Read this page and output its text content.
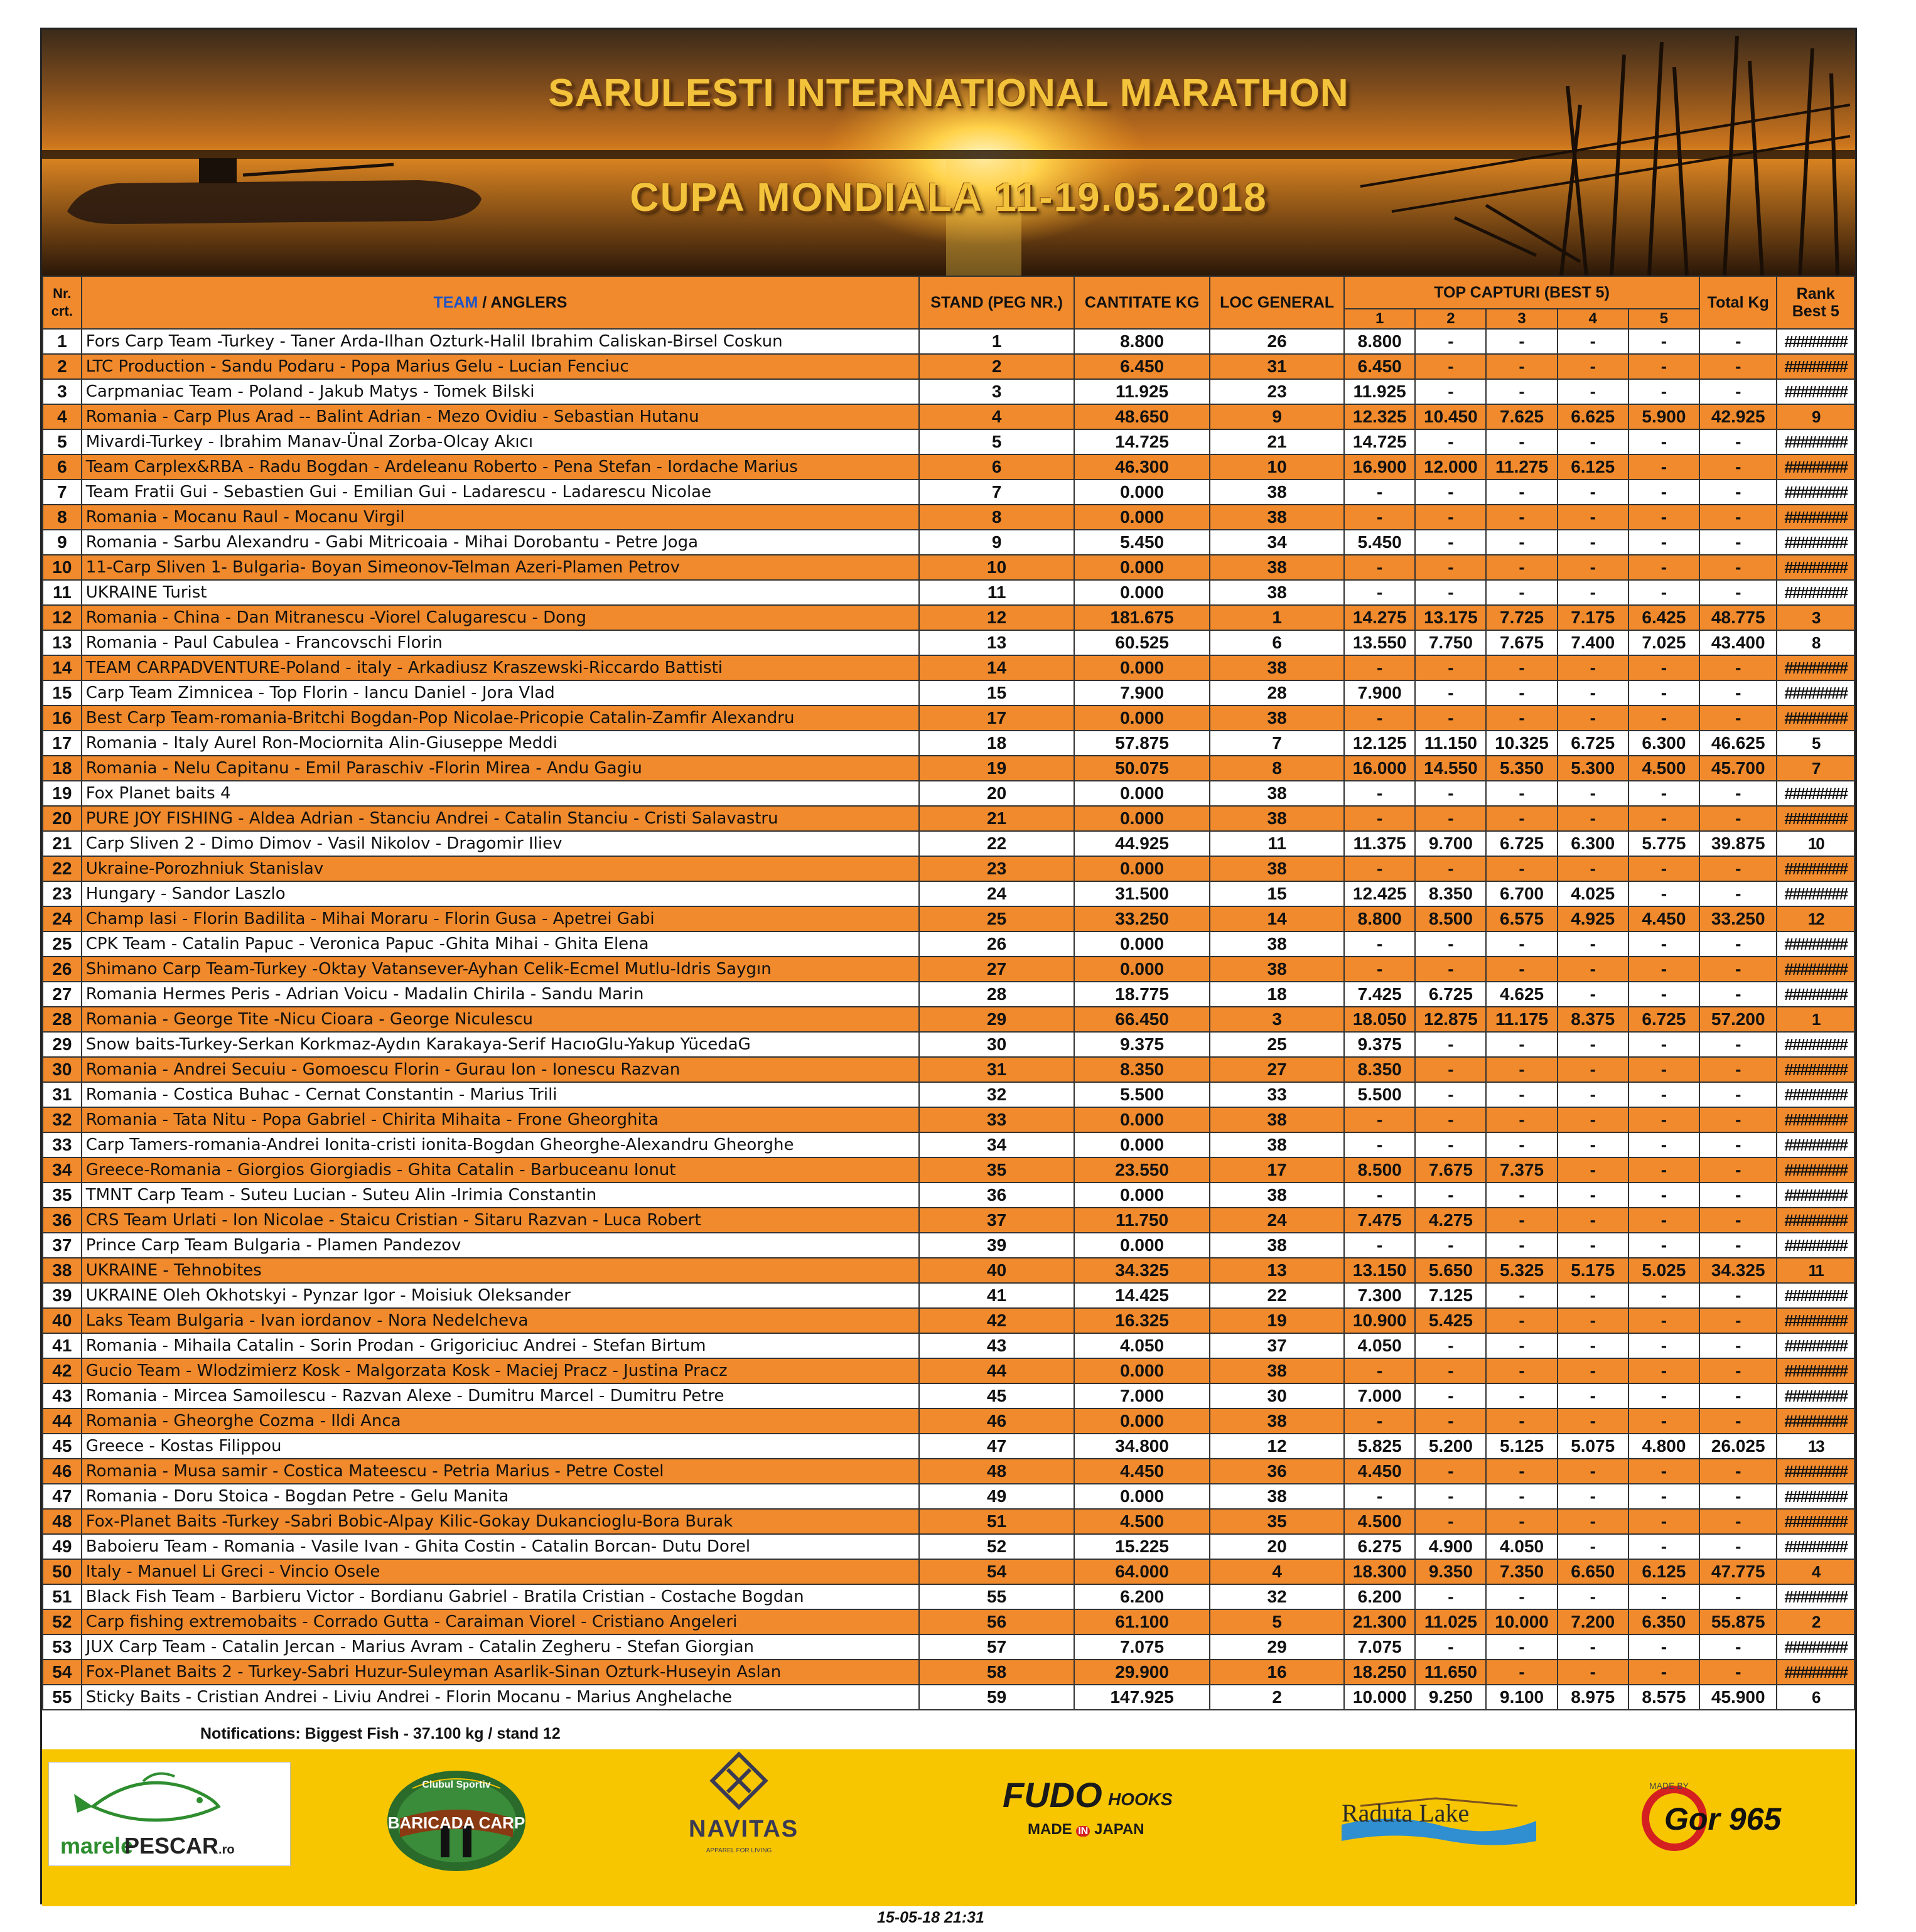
SARULESTI INTERNATIONAL MARATHON
CUPA MONDIALA 11-19.05.2018
Nr. crt.	TEAM / ANGLERS	STAND (PEG NR.)	CANTITATE KG	LOC GENERAL	TOP CAPTURI (BEST 5)					Total Kg	Rank Best 5
					1	2	3	4	5		
1	Fors Carp Team -Turkey - Taner Arda-Ilhan Ozturk-Halil Ibrahim Caliskan-Birsel Coskun	1	8.800	26	8.800	-	-	-	-	-	########
2	LTC Production - Sandu Podaru - Popa Marius Gelu - Lucian Fenciuc	2	6.450	31	6.450	-	-	-	-	-	########
3	Carpmaniac Team - Poland - Jakub Matys - Tomek Bilski	3	11.925	23	11.925	-	-	-	-	-	########
4	Romania - Carp Plus Arad -- Balint Adrian - Mezo Ovidiu - Sebastian Hutanu	4	48.650	9	12.325	10.450	7.625	6.625	5.900	42.925	9
5	Mivardi-Turkey - Ibrahim Manav-Ünal Zorba-Olcay Akıcı	5	14.725	21	14.725	-	-	-	-	-	########
6	Team Carplex&RBA - Radu Bogdan - Ardeleanu Roberto - Pena Stefan - Iordache Marius	6	46.300	10	16.900	12.000	11.275	6.125	-	-	########
7	Team Fratii Gui - Sebastien Gui - Emilian Gui - Ladarescu - Ladarescu Nicolae	7	0.000	38	-	-	-	-	-	-	########
8	Romania - Mocanu Raul - Mocanu Virgil	8	0.000	38	-	-	-	-	-	-	########
9	Romania - Sarbu Alexandru - Gabi Mitricoaia - Mihai Dorobantu - Petre Joga	9	5.450	34	5.450	-	-	-	-	-	########
10	11-Carp Sliven 1- Bulgaria- Boyan Simeonov-Telman Azeri-Plamen Petrov	10	0.000	38	-	-	-	-	-	-	########
11	UKRAINE Turist	11	0.000	38	-	-	-	-	-	-	########
12	Romania - China - Dan Mitranescu -Viorel Calugarescu - Dong	12	181.675	1	14.275	13.175	7.725	7.175	6.425	48.775	3
13	Romania - Paul Cabulea - Francovschi Florin	13	60.525	6	13.550	7.750	7.675	7.400	7.025	43.400	8
14	TEAM CARPADVENTURE-Poland - italy - Arkadiusz Kraszewski-Riccardo Battisti	14	0.000	38	-	-	-	-	-	-	########
15	Carp Team Zimnicea - Top Florin - Iancu Daniel - Jora Vlad	15	7.900	28	7.900	-	-	-	-	-	########
16	Best Carp Team-romania-Britchi Bogdan-Pop Nicolae-Pricopie Catalin-Zamfir Alexandru	17	0.000	38	-	-	-	-	-	-	########
17	Romania - Italy Aurel Ron-Mociornita Alin-Giuseppe Meddi	18	57.875	7	12.125	11.150	10.325	6.725	6.300	46.625	5
18	Romania - Nelu Capitanu - Emil Paraschiv -Florin Mirea - Andu Gagiu	19	50.075	8	16.000	14.550	5.350	5.300	4.500	45.700	7
19	Fox Planet baits 4	20	0.000	38	-	-	-	-	-	-	########
20	PURE JOY FISHING - Aldea Adrian - Stanciu Andrei - Catalin Stanciu - Cristi Salavastru	21	0.000	38	-	-	-	-	-	-	########
21	Carp Sliven 2 - Dimo Dimov - Vasil Nikolov - Dragomir Iliev	22	44.925	11	11.375	9.700	6.725	6.300	5.775	39.875	10
22	Ukraine-Porozhniuk Stanislav	23	0.000	38	-	-	-	-	-	-	########
23	Hungary - Sandor Laszlo	24	31.500	15	12.425	8.350	6.700	4.025	-	-	########
24	Champ Iasi - Florin Badilita - Mihai Moraru - Florin Gusa - Apetrei Gabi	25	33.250	14	8.800	8.500	6.575	4.925	4.450	33.250	12
25	CPK Team - Catalin Papuc - Veronica Papuc -Ghita Mihai - Ghita Elena	26	0.000	38	-	-	-	-	-	-	########
26	Shimano Carp Team-Turkey -Oktay Vatansever-Ayhan Celik-Ecmel Mutlu-Idris Saygın	27	0.000	38	-	-	-	-	-	-	########
27	Romania Hermes Peris - Adrian Voicu - Madalin Chirila - Sandu Marin	28	18.775	18	7.425	6.725	4.625	-	-	-	########
28	Romania - George Tite -Nicu Cioara - George Niculescu	29	66.450	3	18.050	12.875	11.175	8.375	6.725	57.200	1
29	Snow baits-Turkey-Serkan Korkmaz-Aydın Karakaya-Serif HacıoGlu-Yakup YücedaG	30	9.375	25	9.375	-	-	-	-	-	########
30	Romania - Andrei Secuiu - Gomoescu Florin - Gurau Ion - Ionescu Razvan	31	8.350	27	8.350	-	-	-	-	-	########
31	Romania - Costica Buhac - Cernat Constantin - Marius Trili	32	5.500	33	5.500	-	-	-	-	-	########
32	Romania - Tata Nitu - Popa Gabriel - Chirita Mihaita - Frone Gheorghita	33	0.000	38	-	-	-	-	-	-	########
33	Carp Tamers-romania-Andrei Ionita-cristi ionita-Bogdan Gheorghe-Alexandru Gheorghe	34	0.000	38	-	-	-	-	-	-	########
34	Greece-Romania - Giorgios Giorgiadis - Ghita Catalin - Barbuceanu Ionut	35	23.550	17	8.500	7.675	7.375	-	-	-	########
35	TMNT Carp Team - Suteu Lucian - Suteu Alin -Irimia Constantin	36	0.000	38	-	-	-	-	-	-	########
36	CRS Team Urlati - Ion Nicolae - Staicu Cristian - Sitaru Razvan - Luca Robert	37	11.750	24	7.475	4.275	-	-	-	-	########
37	Prince Carp Team Bulgaria - Plamen Pandezov	39	0.000	38	-	-	-	-	-	-	########
38	UKRAINE - Tehnobites	40	34.325	13	13.150	5.650	5.325	5.175	5.025	34.325	11
39	UKRAINE Oleh Okhotskyi - Pynzar Igor - Moisiuk Oleksander	41	14.425	22	7.300	7.125	-	-	-	-	########
40	Laks Team Bulgaria - Ivan iordanov - Nora Nedelcheva	42	16.325	19	10.900	5.425	-	-	-	-	########
41	Romania - Mihaila Catalin - Sorin Prodan - Grigoriciuc Andrei - Stefan Birtum	43	4.050	37	4.050	-	-	-	-	-	########
42	Gucio Team - Wlodzimierz Kosk - Malgorzata Kosk - Maciej Pracz - Justina Pracz	44	0.000	38	-	-	-	-	-	-	########
43	Romania - Mircea Samoilescu - Razvan Alexe - Dumitru Marcel - Dumitru Petre	45	7.000	30	7.000	-	-	-	-	-	########
44	Romania - Gheorghe Cozma - Ildi Anca	46	0.000	38	-	-	-	-	-	-	########
45	Greece - Kostas Filippou	47	34.800	12	5.825	5.200	5.125	5.075	4.800	26.025	13
46	Romania - Musa samir - Costica Mateescu - Petria Marius - Petre Costel	48	4.450	36	4.450	-	-	-	-	-	########
47	Romania - Doru Stoica - Bogdan Petre - Gelu Manita	49	0.000	38	-	-	-	-	-	-	########
48	Fox-Planet Baits -Turkey -Sabri Bobic-Alpay Kilic-Gokay Dukancioglu-Bora Burak	51	4.500	35	4.500	-	-	-	-	-	########
49	Baboieru Team - Romania - Vasile Ivan - Ghita Costin - Catalin Borcan- Dutu Dorel	52	15.225	20	6.275	4.900	4.050	-	-	-	########
50	Italy - Manuel Li Greci - Vincio Osele	54	64.000	4	18.300	9.350	7.350	6.650	6.125	47.775	4
51	Black Fish Team - Barbieru Victor - Bordianu Gabriel - Bratila Cristian - Costache Bogdan	55	6.200	32	6.200	-	-	-	-	-	########
52	Carp fishing extremobaits - Corrado Gutta - Caraiman Viorel - Cristiano Angeleri	56	61.100	5	21.300	11.025	10.000	7.200	6.350	55.875	2
53	JUX Carp Team - Catalin Jercan - Marius Avram - Catalin Zegheru - Stefan Giorgian	57	7.075	29	7.075	-	-	-	-	-	########
54	Fox-Planet Baits 2 - Turkey-Sabri Huzur-Suleyman Asarlik-Sinan Ozturk-Huseyin Aslan	58	29.900	16	18.250	11.650	-	-	-	-	########
55	Sticky Baits - Cristian Andrei - Liviu Andrei - Florin Mocanu - Marius Anghelache	59	147.925	2	10.000	9.250	9.100	8.975	8.575	45.900	6
Notifications: Biggest Fish - 37.100 kg / stand 12
marele
PESCAR.ro
Clubul Sportiv
BARICADA CARP	NAVITAS
APPAREL FOR LIVING
FUDO HOOKS
MADE IN JAPAN
Raduta Lake
MADE BY
Gor 965
15-05-18 21:31
